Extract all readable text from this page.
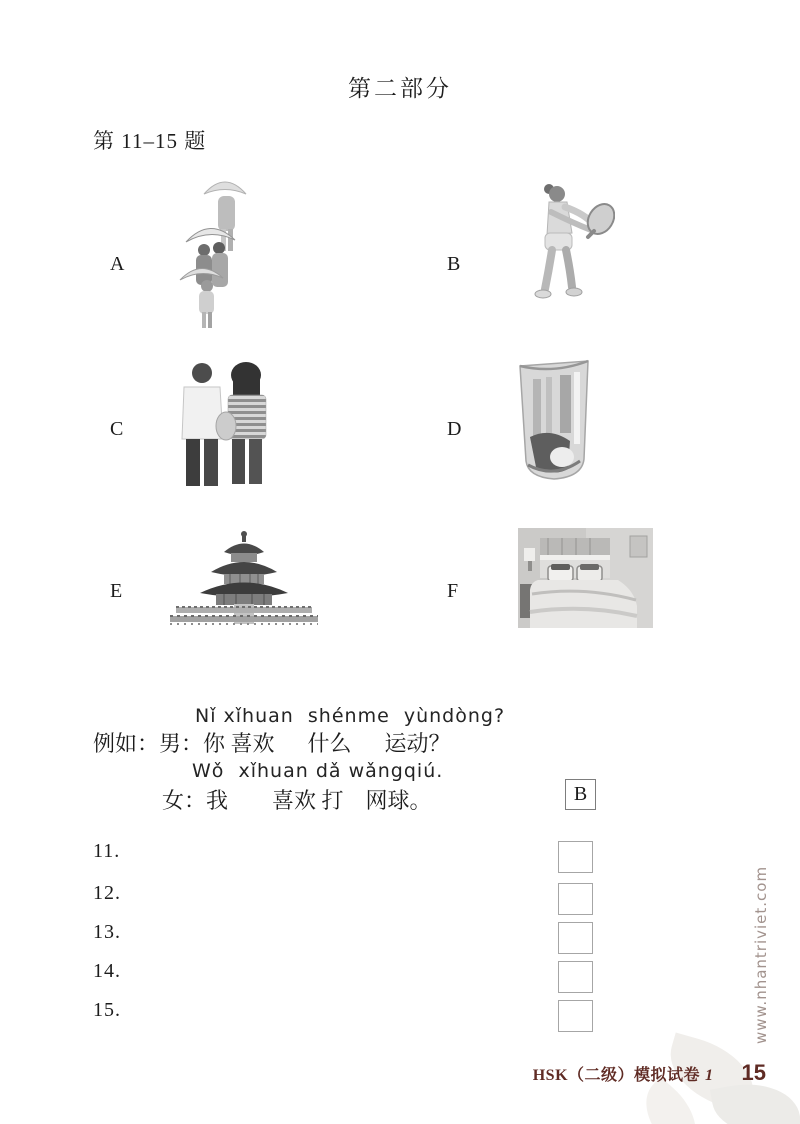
第二部分
第 11–15 题
A	B
C	D
E	F
Nǐ xǐhuan  shénme  yùndòng?
例如：男：你 喜欢　  什么　  运动？
Wǒ  xǐhuan dǎ wǎngqiú.
女：我　　喜欢 打　网球。	B
11.
12.
13.
14.
15.
HSK（二级）模拟试卷 1 15
www.nhantriviet.com
